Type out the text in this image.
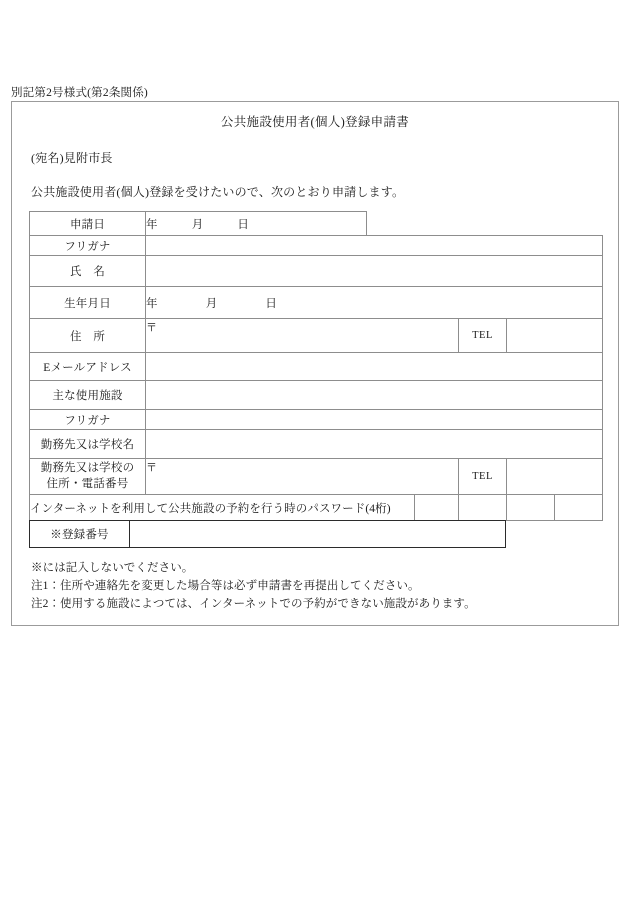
別記第2号様式(第2条関係)
公共施設使用者(個人)登録申請書
(宛名)見附市長
公共施設使用者(個人)登録を受けたいので、次のとおり申請します。
申請日	年 月 日					
フリガナ						
氏　名						
生年月日	年 月 日					
住　所	〒			TEL		
Eメールアドレス						
主な使用施設						
フリガナ						
勤務先又は学校名						
勤務先又は学校の
住所・電話番号	〒			TEL		
インターネットを利用して公共施設の予約を行う時のパスワード(4桁)						
※登録番号		
※には記入しないでください。
注1：住所や連絡先を変更した場合等は必ず申請書を再提出してください。
注2：使用する施設によつては、インターネットでの予約ができない施設があります。
